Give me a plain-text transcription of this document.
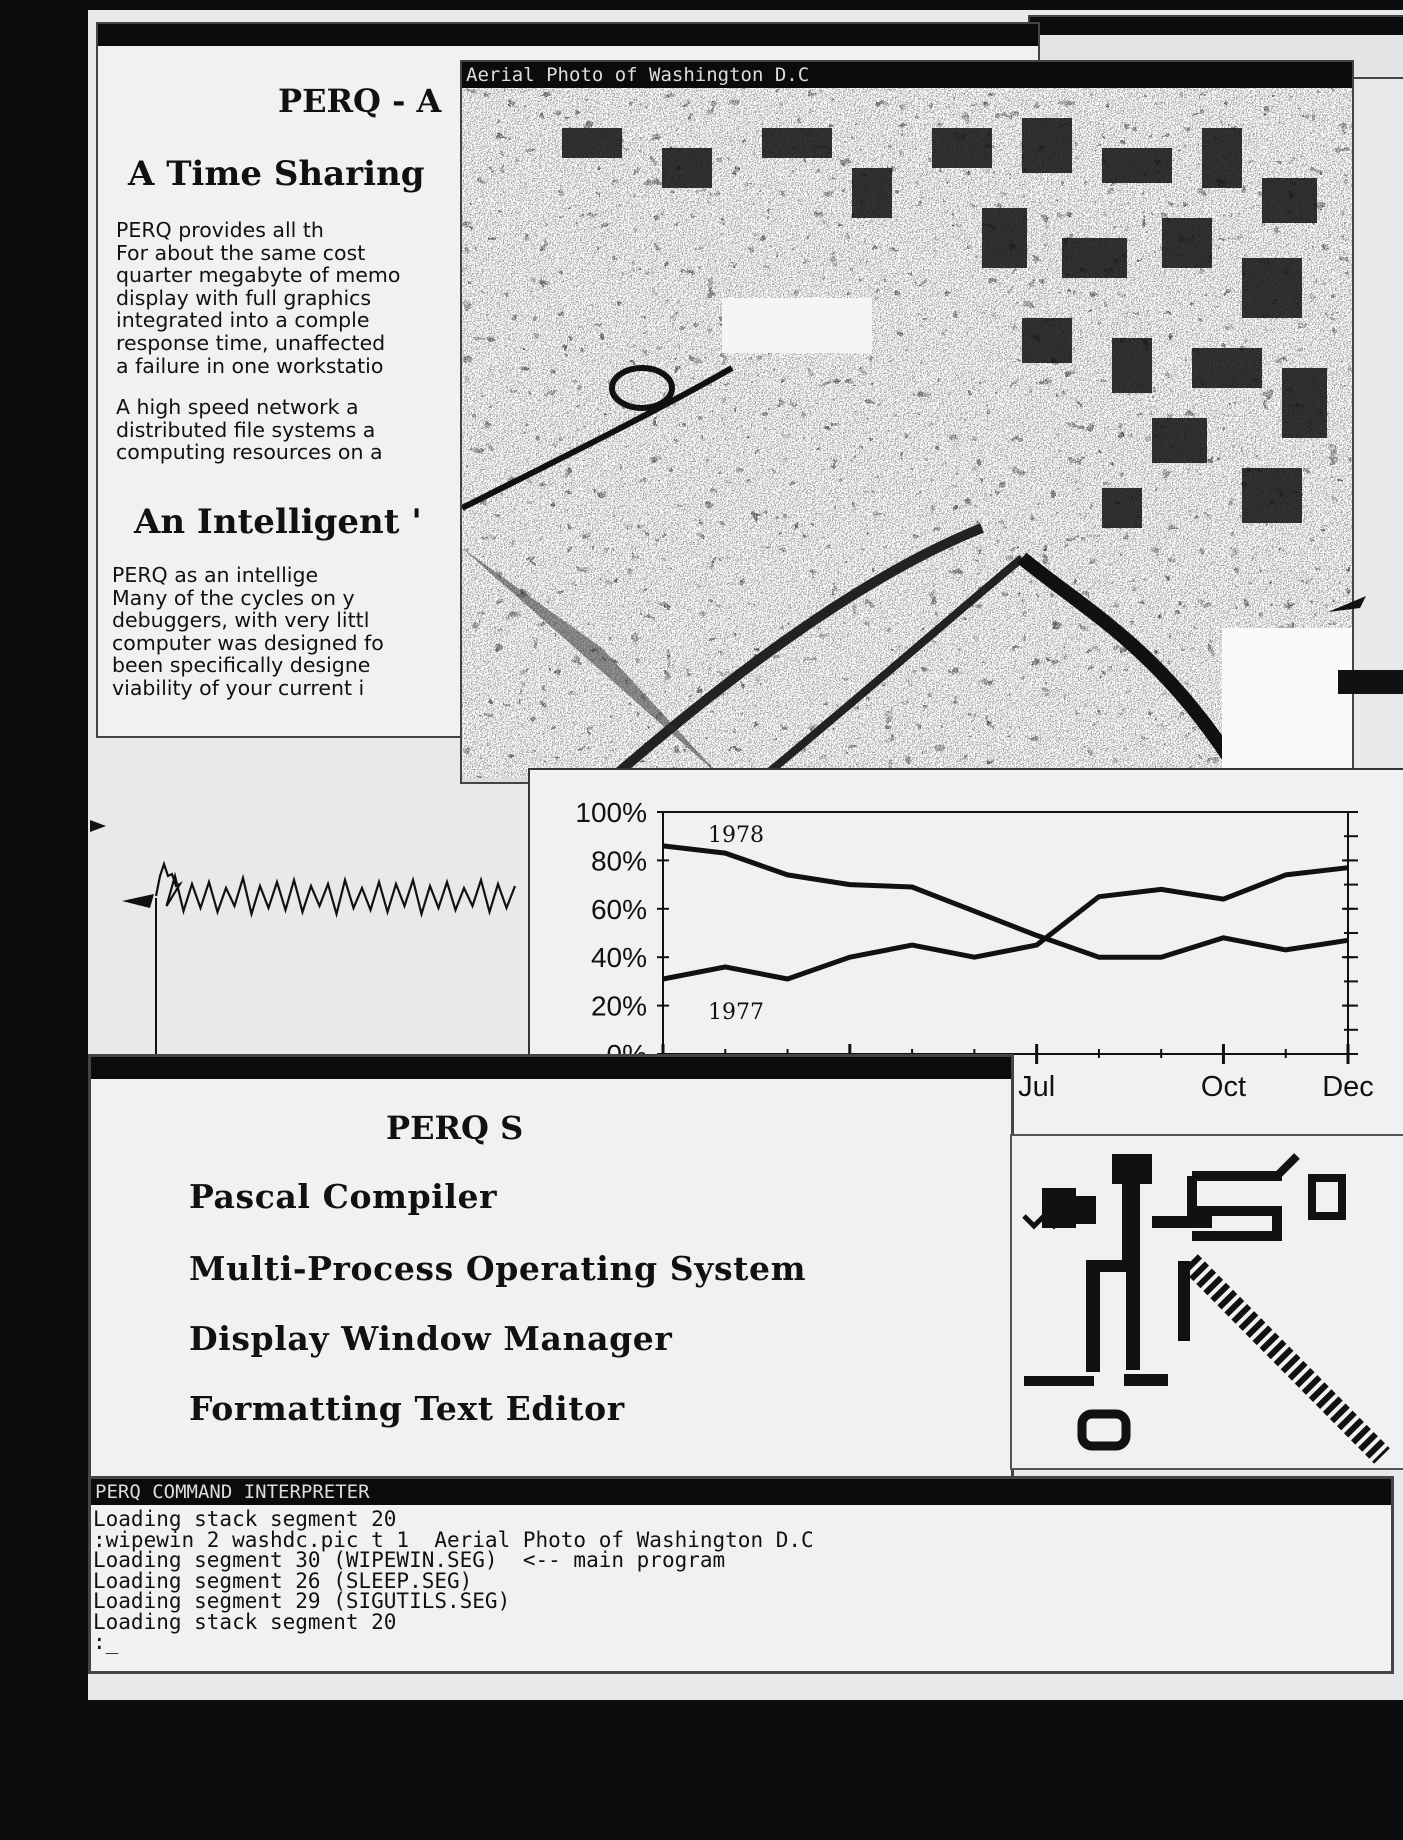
PERQ - A
A Time Sharing
PERQ provides all th
For about the same cost
quarter megabyte of memo
display with full graphics
integrated into a comple
response time, unaffected
a failure in one workstatio
A high speed network a
distributed file systems a
computing resources on a
An Intelligent '
PERQ as an intellige
Many of the cycles on y
debuggers, with very littl
computer was designed fo
been specifically designe
viability of your current i
Aerial Photo of Washington D.C
100%
80%
60%
40%
20%
Jul	Oct	Dec
1978
1977
PERQ S
Pascal Compiler
Multi-Process Operating System
Display Window Manager
Formatting Text Editor
PERQ COMMAND INTERPRETER
Loading stack segment 20
:wipewin 2 washdc.pic t 1  Aerial Photo of Washington D.C
Loading segment 30 (WIPEWIN.SEG)  <-- main program
Loading segment 26 (SLEEP.SEG)
Loading segment 29 (SIGUTILS.SEG)
Loading stack segment 20
:_
